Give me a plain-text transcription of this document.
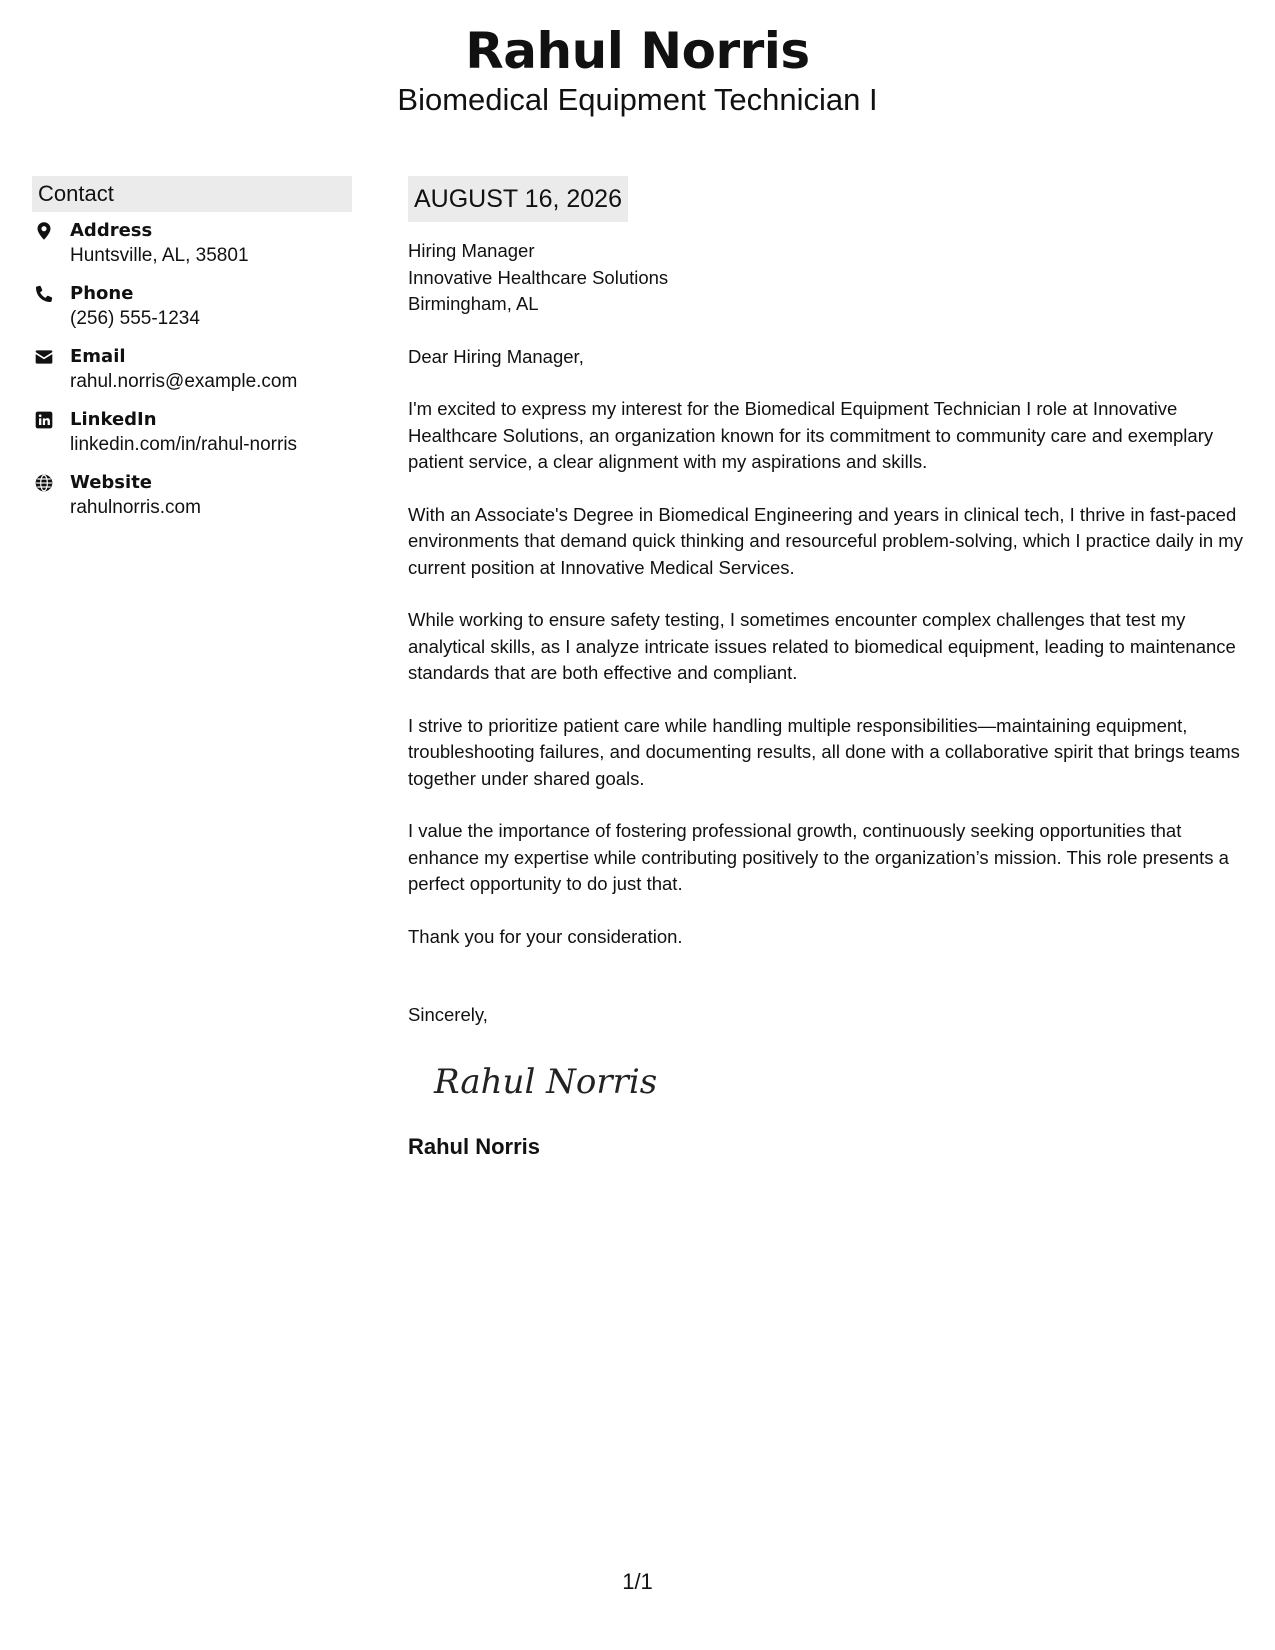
Rahul Norris
Biomedical Equipment Technician I
Contact
Address
Huntsville, AL, 35801
Phone
(256) 555-1234
Email
rahul.norris@example.com
LinkedIn
linkedin.com/in/rahul-norris
Website
rahulnorris.com
AUGUST 16, 2026
Hiring Manager
Innovative Healthcare Solutions
Birmingham, AL

Dear Hiring Manager,

I'm excited to express my interest for the Biomedical Equipment Technician I role at Innovative Healthcare Solutions, an organization known for its commitment to community care and exemplary patient service, a clear alignment with my aspirations and skills.

With an Associate's Degree in Biomedical Engineering and years in clinical tech, I thrive in fast-paced environments that demand quick thinking and resourceful problem-solving, which I practice daily in my current position at Innovative Medical Services.

While working to ensure safety testing, I sometimes encounter complex challenges that test my analytical skills, as I analyze intricate issues related to biomedical equipment, leading to maintenance standards that are both effective and compliant.

I strive to prioritize patient care while handling multiple responsibilities—maintaining equipment, troubleshooting failures, and documenting results, all done with a collaborative spirit that brings teams together under shared goals.

I value the importance of fostering professional growth, continuously seeking opportunities that enhance my expertise while contributing positively to the organization’s mission. This role presents a perfect opportunity to do just that.

Thank you for your consideration.

Sincerely,

Rahul Norris
Rahul Norris
1/1
